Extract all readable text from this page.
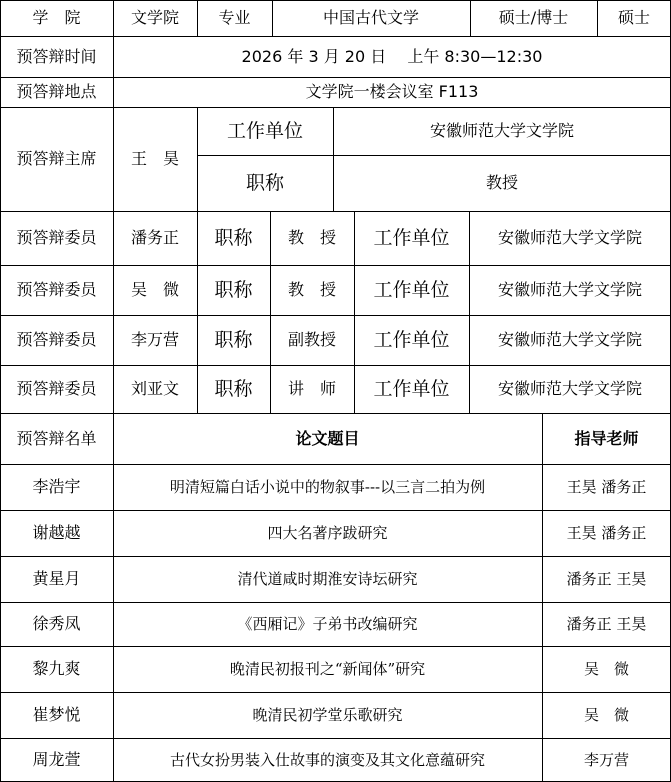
学　院	文学院	专业	中国古代文学	硕士/博士	硕士
预答辩时间	2026 年 3 月 20 日　 上午 8:30—12:30
预答辩地点	文学院一楼会议室 F113
预答辩主席	王　昊
工作单位	安徽师范大学文学院
职称	教授
预答辩委员	潘务正	职称	教　授	工作单位	安徽师范大学文学院
预答辩委员	吴　微	职称	教　授	工作单位	安徽师范大学文学院
预答辩委员	李万营	职称	副教授	工作单位	安徽师范大学文学院
预答辩委员	刘亚文	职称	讲　师	工作单位	安徽师范大学文学院
预答辩名单	论文题目	指导老师
李浩宇	明清短篇白话小说中的物叙事---以三言二拍为例	王昊 潘务正
谢越越	四大名著序跋研究	王昊 潘务正
黄星月	清代道咸时期淮安诗坛研究	潘务正 王昊
徐秀凤	《西厢记》子弟书改编研究	潘务正 王昊
黎九爽	晚清民初报刊之“新闻体”研究	吴　微
崔梦悦	晚清民初学堂乐歌研究	吴　微
周龙萱	古代女扮男装入仕故事的演变及其文化意蕴研究	李万营
